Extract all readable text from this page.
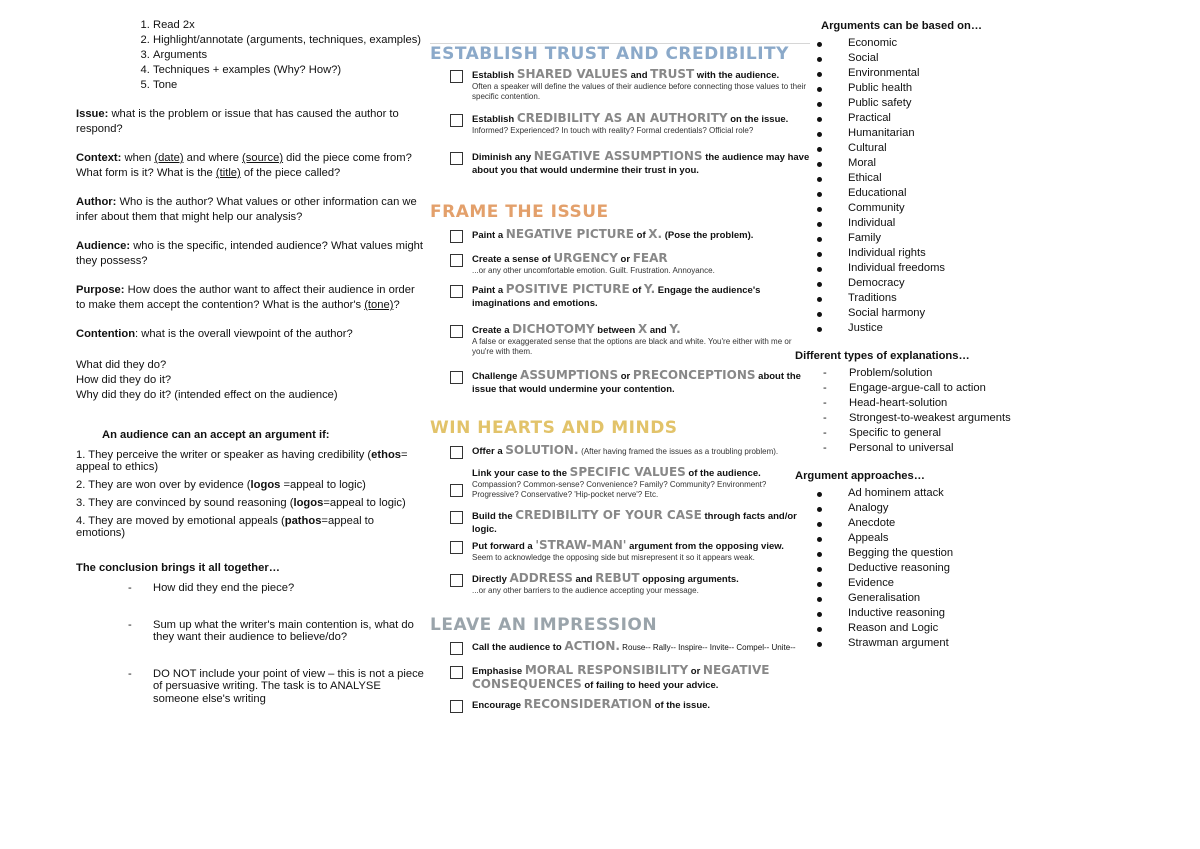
1. Read 2x
2. Highlight/annotate (arguments, techniques, examples)
3. Arguments
4. Techniques + examples (Why? How?)
5. Tone
Issue: what is the problem or issue that has caused the author to respond?
Context: when (date) and where (source) did the piece come from? What form is it? What is the (title) of the piece called?
Author: Who is the author? What values or other information can we infer about them that might help our analysis?
Audience: who is the specific, intended audience? What values might they possess?
Purpose: How does the author want to affect their audience in order to make them accept the contention? What is the author's (tone)?
Contention: what is the overall viewpoint of the author?
What did they do?
How did they do it?
Why did they do it? (intended effect on the audience)
An audience can an accept an argument if:
1. They perceive the writer or speaker as having credibility (ethos= appeal to ethics)
2. They are won over by evidence (logos =appeal to logic)
3. They are convinced by sound reasoning (logos=appeal to logic)
4. They are moved by emotional appeals (pathos=appeal to emotions)
The conclusion brings it all together…
- How did they end the piece?
- Sum up what the writer's main contention is, what do they want their audience to believe/do?
- DO NOT include your point of view – this is not a piece of persuasive writing. The task is to ANALYSE someone else's writing
ESTABLISH TRUST AND CREDIBILITY
Establish SHARED VALUES and TRUST with the audience.
Often a speaker will define the values of their audience before connecting those values to their specific contention.
Establish CREDIBILITY AS AN AUTHORITY on the issue.
Informed? Experienced? In touch with reality? Formal credentials? Official role?
Diminish any NEGATIVE ASSUMPTIONS the audience may have about you that would undermine their trust in you.
FRAME THE ISSUE
Paint a NEGATIVE PICTURE of X. (Pose the problem).
Create a sense of URGENCY or FEAR
...or any other uncomfortable emotion. Guilt. Frustration. Annoyance.
Paint a POSITIVE PICTURE of Y. Engage the audience's imaginations and emotions.
Create a DICHOTOMY between X and Y.
A false or exaggerated sense that the options are black and white. You're either with me or you're with them.
Challenge ASSUMPTIONS or PRECONCEPTIONS about the issue that would undermine your contention.
WIN HEARTS AND MINDS
Offer a SOLUTION. (After having framed the issues as a troubling problem).
Link your case to the SPECIFIC VALUES of the audience.
Compassion? Common-sense? Convenience? Family? Community? Environment? Progressive? Conservative? 'Hip-pocket nerve'? Etc.
Build the CREDIBILITY OF YOUR CASE through facts and/or logic.
Put forward a 'STRAW-MAN' argument from the opposing view.
Seem to acknowledge the opposing side but misrepresent it so it appears weak.
Directly ADDRESS and REBUT opposing arguments.
...or any other barriers to the audience accepting your message.
LEAVE AN IMPRESSION
Call the audience to ACTION. Rouse-- Rally-- Inspire-- Invite-- Compel-- Unite--
Emphasise MORAL RESPONSIBILITY or NEGATIVE CONSEQUENCES of failing to heed your advice.
Encourage RECONSIDERATION of the issue.
Arguments can be based on…
Economic
Social
Environmental
Public health
Public safety
Practical
Humanitarian
Cultural
Moral
Ethical
Educational
Community
Individual
Family
Individual rights
Individual freedoms
Democracy
Traditions
Social harmony
Justice
Different types of explanations…
- Problem/solution
- Engage-argue-call to action
- Head-heart-solution
- Strongest-to-weakest arguments
- Specific to general
- Personal to universal
Argument approaches…
Ad hominem attack
Analogy
Anecdote
Appeals
Begging the question
Deductive reasoning
Evidence
Generalisation
Inductive reasoning
Reason and Logic
Strawman argument
